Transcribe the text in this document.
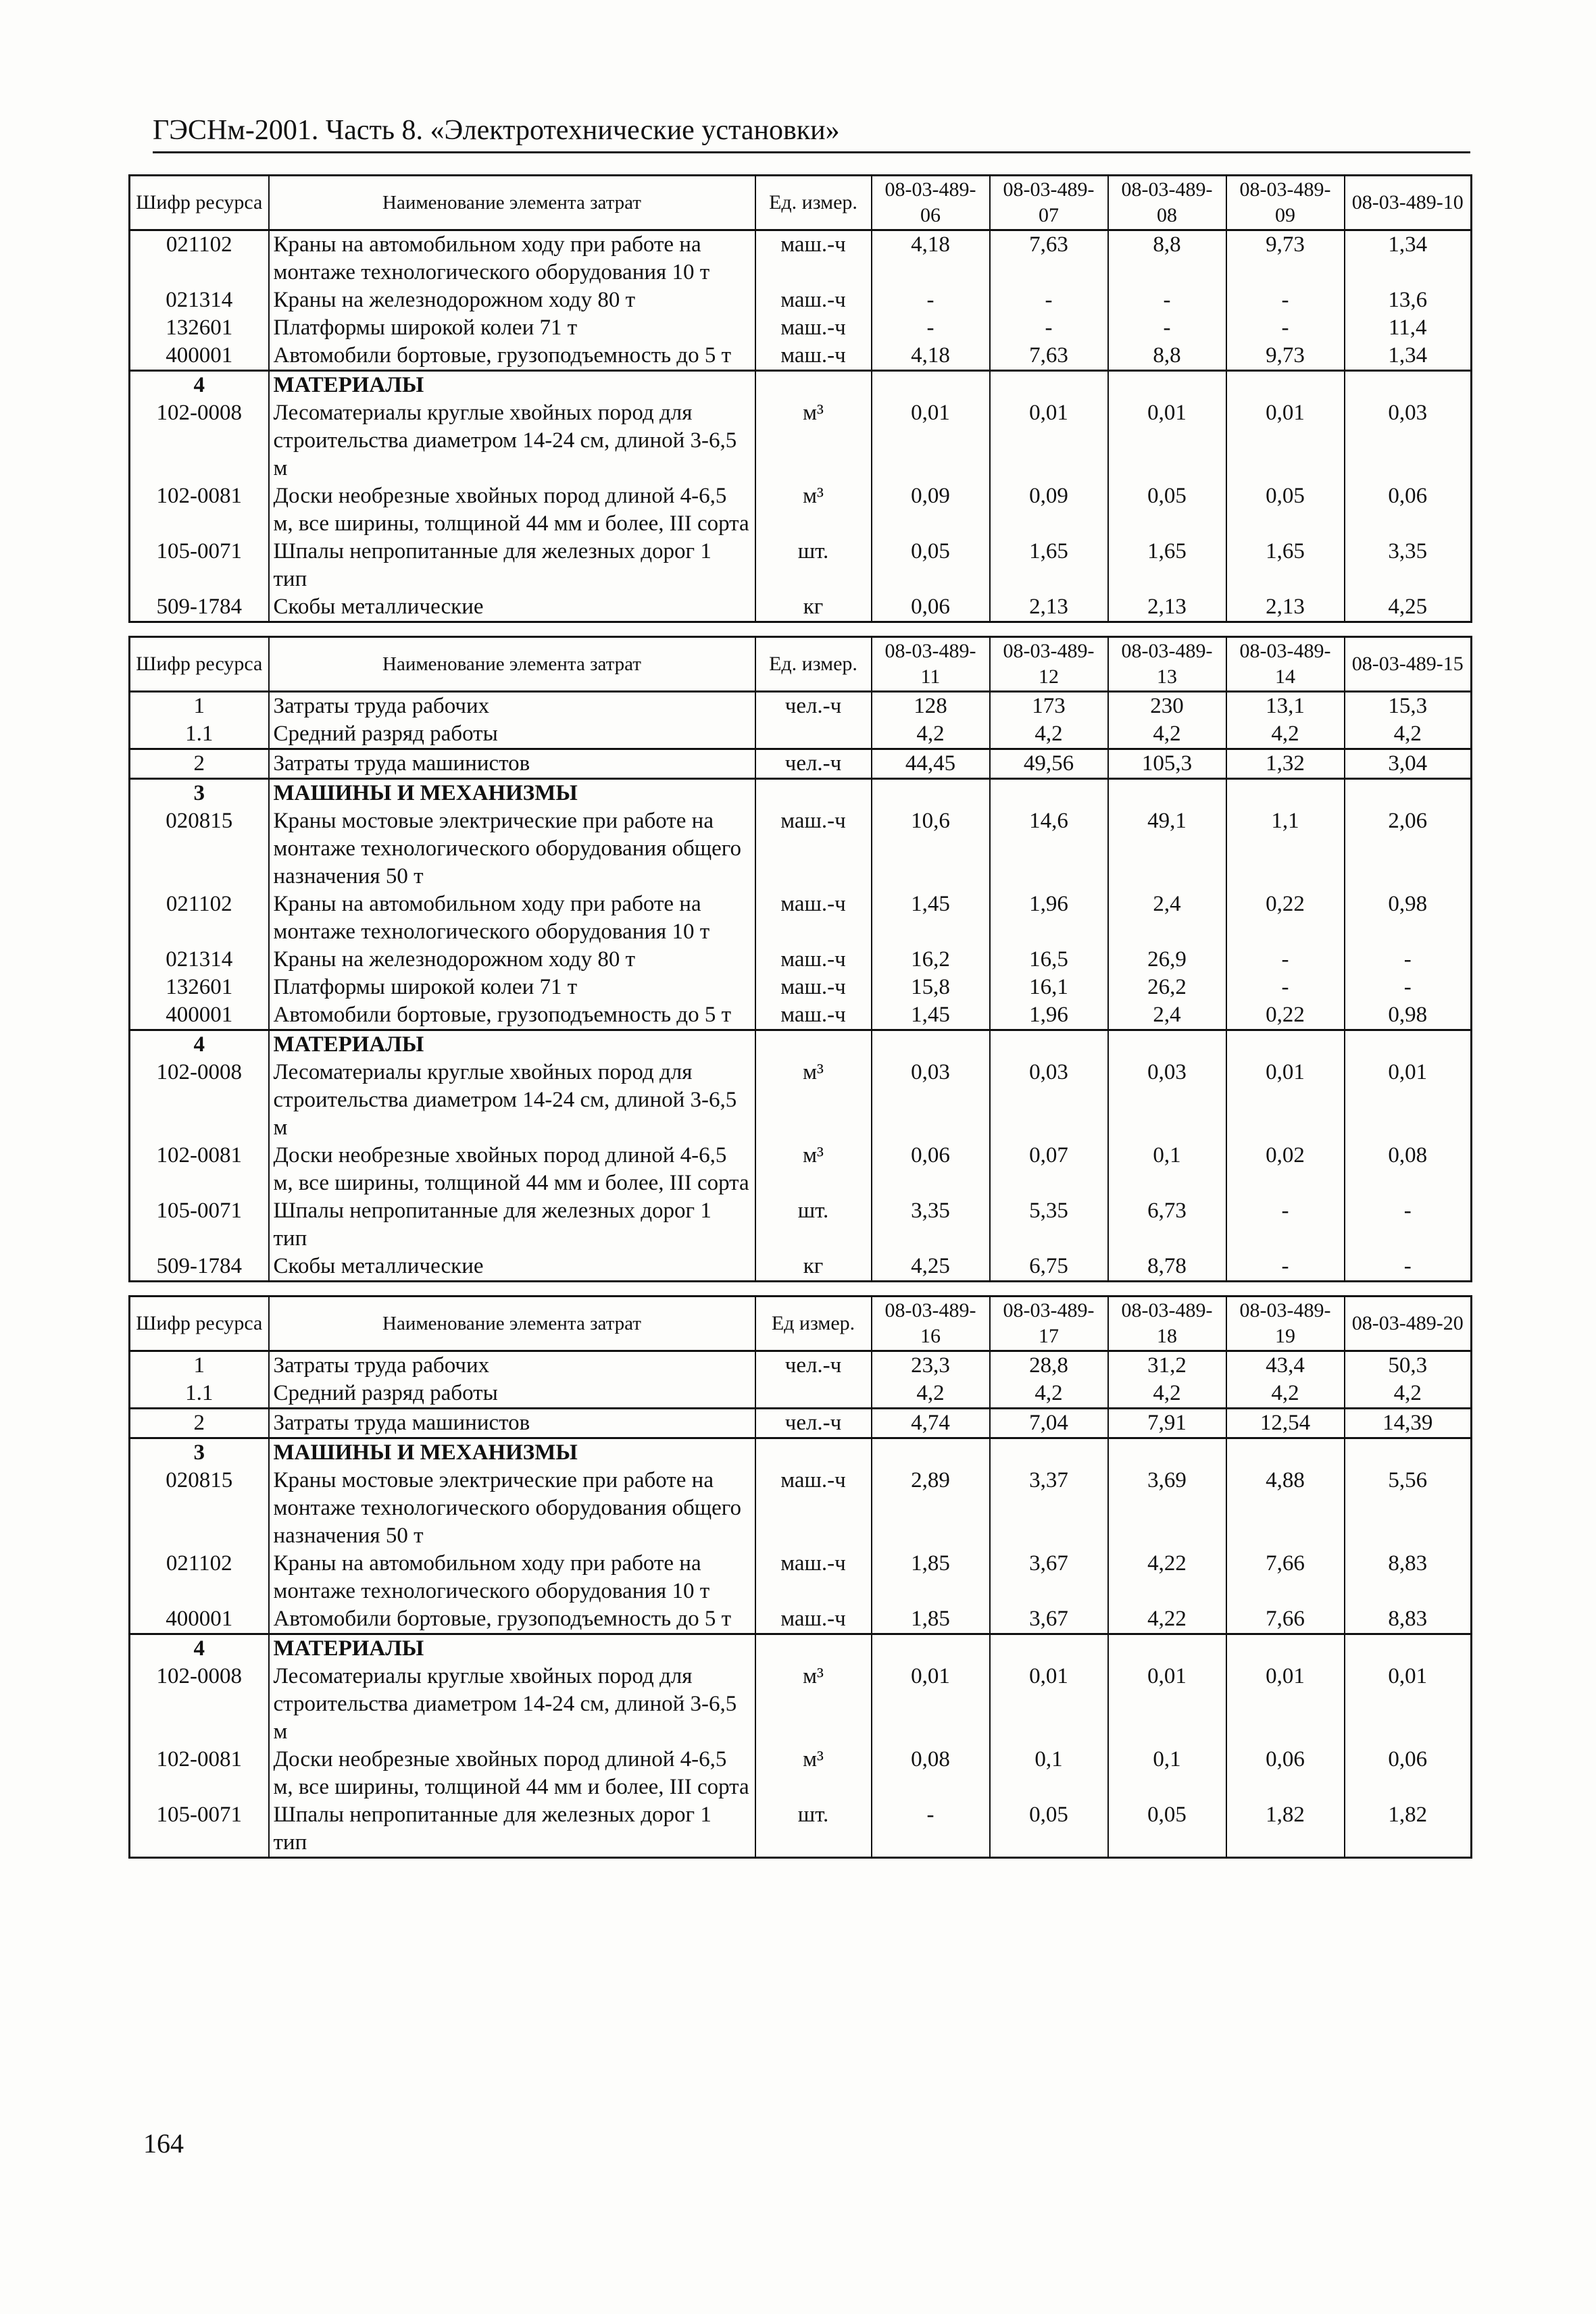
ГЭСНм-2001. Часть 8. «Электротехнические установки»
Шифр ресурса	Наименование элемента затрат	Ед. измер.	08-03-489-06	08-03-489-07	08-03-489-08	08-03-489-09	08-03-489-10
021102	Краны на автомобильном ходу при работе на монтаже технологического оборудования 10 т	маш.-ч	4,18	7,63	8,8	9,73	1,34
021314	Краны на железнодорожном ходу 80 т	маш.-ч	-	-	-	-	13,6
132601	Платформы широкой колеи 71 т	маш.-ч	-	-	-	-	11,4
400001	Автомобили бортовые, грузоподъемность до 5 т	маш.-ч	4,18	7,63	8,8	9,73	1,34
4	МАТЕРИАЛЫ						
102-0008	Лесоматериалы круглые хвойных пород для строительства диаметром 14-24 см, длиной 3-6,5 м	м³	0,01	0,01	0,01	0,01	0,03
102-0081	Доски необрезные хвойных пород длиной 4-6,5 м, все ширины, толщиной 44 мм и более, III сорта	м³	0,09	0,09	0,05	0,05	0,06
105-0071	Шпалы непропитанные для железных дорог 1 тип	шт.	0,05	1,65	1,65	1,65	3,35
509-1784	Скобы металлические	кг	0,06	2,13	2,13	2,13	4,25
Шифр ресурса	Наименование элемента затрат	Ед. измер.	08-03-489-11	08-03-489-12	08-03-489-13	08-03-489-14	08-03-489-15
1	Затраты труда рабочих	чел.-ч	128	173	230	13,1	15,3
1.1	Средний разряд работы		4,2	4,2	4,2	4,2	4,2
2	Затраты труда машинистов	чел.-ч	44,45	49,56	105,3	1,32	3,04
3	МАШИНЫ И МЕХАНИЗМЫ						
020815	Краны мостовые электрические при работе на монтаже технологического оборудования общего назначения 50 т	маш.-ч	10,6	14,6	49,1	1,1	2,06
021102	Краны на автомобильном ходу при работе на монтаже технологического оборудования 10 т	маш.-ч	1,45	1,96	2,4	0,22	0,98
021314	Краны на железнодорожном ходу 80 т	маш.-ч	16,2	16,5	26,9	-	-
132601	Платформы широкой колеи 71 т	маш.-ч	15,8	16,1	26,2	-	-
400001	Автомобили бортовые, грузоподъемность до 5 т	маш.-ч	1,45	1,96	2,4	0,22	0,98
4	МАТЕРИАЛЫ						
102-0008	Лесоматериалы круглые хвойных пород для строительства диаметром 14-24 см, длиной 3-6,5 м	м³	0,03	0,03	0,03	0,01	0,01
102-0081	Доски необрезные хвойных пород длиной 4-6,5 м, все ширины, толщиной 44 мм и более, III сорта	м³	0,06	0,07	0,1	0,02	0,08
105-0071	Шпалы непропитанные для железных дорог 1 тип	шт.	3,35	5,35	6,73	-	-
509-1784	Скобы металлические	кг	4,25	6,75	8,78	-	-
Шифр ресурса	Наименование элемента затрат	Ед измер.	08-03-489-16	08-03-489-17	08-03-489-18	08-03-489-19	08-03-489-20
1	Затраты труда рабочих	чел.-ч	23,3	28,8	31,2	43,4	50,3
1.1	Средний разряд работы		4,2	4,2	4,2	4,2	4,2
2	Затраты труда машинистов	чел.-ч	4,74	7,04	7,91	12,54	14,39
3	МАШИНЫ И МЕХАНИЗМЫ						
020815	Краны мостовые электрические при работе на монтаже технологического оборудования общего назначения 50 т	маш.-ч	2,89	3,37	3,69	4,88	5,56
021102	Краны на автомобильном ходу при работе на монтаже технологического оборудования 10 т	маш.-ч	1,85	3,67	4,22	7,66	8,83
400001	Автомобили бортовые, грузоподъемность до 5 т	маш.-ч	1,85	3,67	4,22	7,66	8,83
4	МАТЕРИАЛЫ						
102-0008	Лесоматериалы круглые хвойных пород для строительства диаметром 14-24 см, длиной 3-6,5 м	м³	0,01	0,01	0,01	0,01	0,01
102-0081	Доски необрезные хвойных пород длиной 4-6,5 м, все ширины, толщиной 44 мм и более, III сорта	м³	0,08	0,1	0,1	0,06	0,06
105-0071	Шпалы непропитанные для железных дорог 1 тип	шт.	-	0,05	0,05	1,82	1,82
164
